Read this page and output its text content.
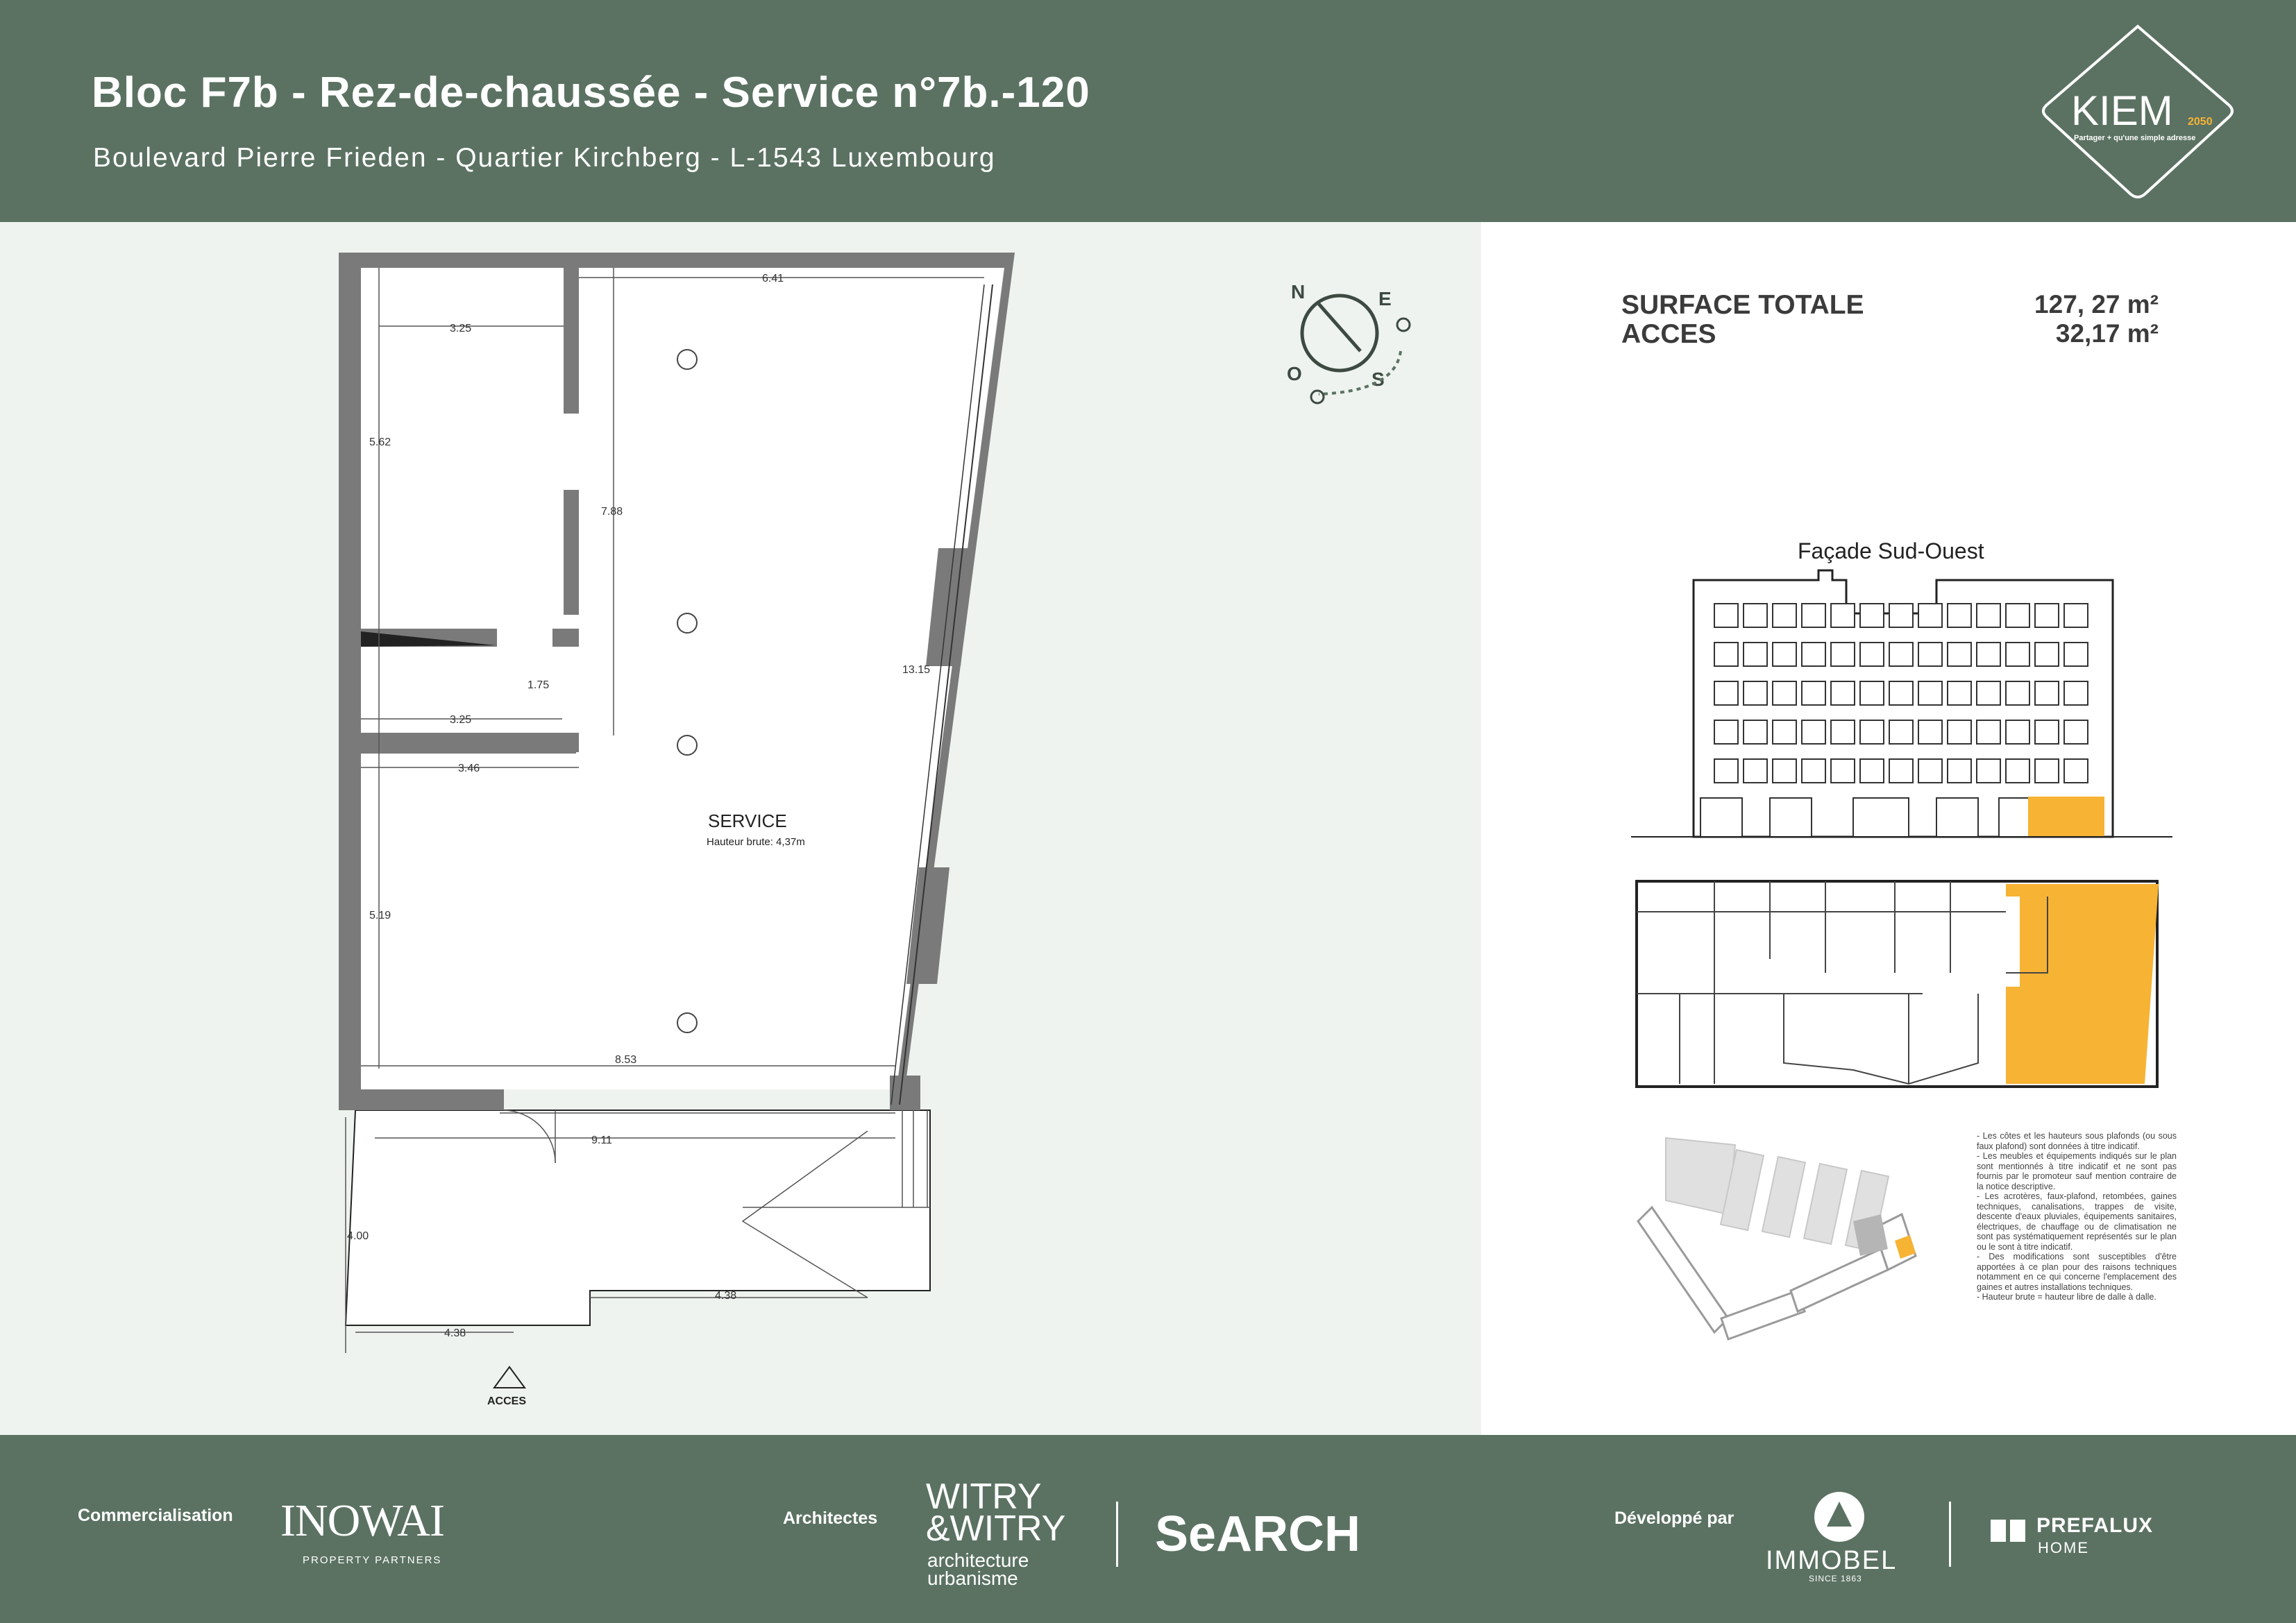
Bloc F7b - Rez-de-chaussée - Service n°7b.-120
Boulevard Pierre Frieden - Quartier Kirchberg - L-1543 Luxembourg
KIEM 2050
Partager + qu'une simple adresse
6.41
3.25
5.62
7.88
13.15
1.75
3.25
3.46
5.19
8.53
9.11
4.00
4.38
4.38
SERVICE
Hauteur brute: 4,37m
ACCES
N	E
S
O
SURFACE TOTALE	127, 27 m²
ACCES	32,17 m²
Façade Sud-Ouest

- Les côtes et les hauteurs sous plafonds (ou sous faux plafond) sont données à titre indicatif.

- Les meubles et équipements indiqués sur le plan sont mentionnés à titre indicatif et ne sont pas fournis par le promoteur sauf mention contraire de la notice descriptive.

- Les acrotères, faux-plafond, retombées, gaines techniques, canalisations, trappes de visite, descente d'eaux pluviales, équipements sanitaires, électriques, de chauffage ou de climatisation ne sont pas systématiquement représentés sur le plan ou le sont à titre indicatif.

- Des modifications sont susceptibles d'être apportées à ce plan pour des raisons techniques notamment en ce qui concerne l'emplacement des gaines et autres installations techniques.

- Hauteur brute = hauteur libre de dalle à dalle.

Commercialisation INOWAI
PROPERTY PARTNERS
Architectes
WITRY
&WITRY
architecture
urbanisme
SeARCH	Développé par
IMMOBEL
SINCE 1863
PREFALUX
HOME
